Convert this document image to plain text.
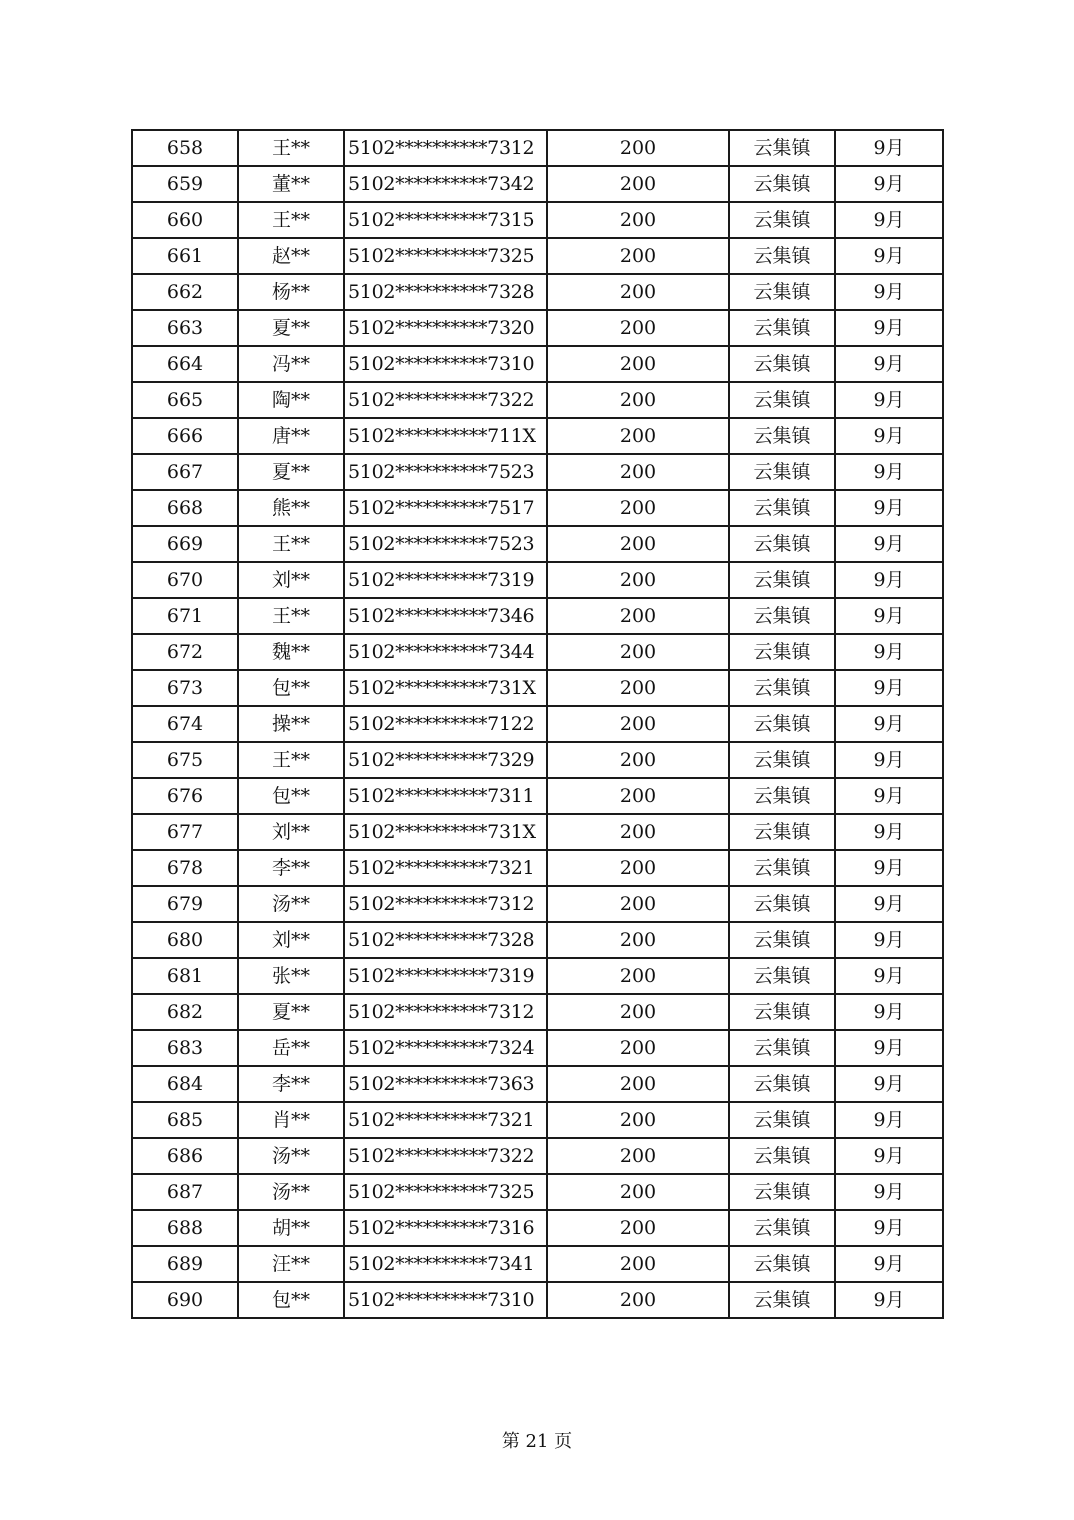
658	王**	5102**********7312	200	云集镇	9月
659	董**	5102**********7342	200	云集镇	9月
660	王**	5102**********7315	200	云集镇	9月
661	赵**	5102**********7325	200	云集镇	9月
662	杨**	5102**********7328	200	云集镇	9月
663	夏**	5102**********7320	200	云集镇	9月
664	冯**	5102**********7310	200	云集镇	9月
665	陶**	5102**********7322	200	云集镇	9月
666	唐**	5102**********711X	200	云集镇	9月
667	夏**	5102**********7523	200	云集镇	9月
668	熊**	5102**********7517	200	云集镇	9月
669	王**	5102**********7523	200	云集镇	9月
670	刘**	5102**********7319	200	云集镇	9月
671	王**	5102**********7346	200	云集镇	9月
672	魏**	5102**********7344	200	云集镇	9月
673	包**	5102**********731X	200	云集镇	9月
674	操**	5102**********7122	200	云集镇	9月
675	王**	5102**********7329	200	云集镇	9月
676	包**	5102**********7311	200	云集镇	9月
677	刘**	5102**********731X	200	云集镇	9月
678	李**	5102**********7321	200	云集镇	9月
679	汤**	5102**********7312	200	云集镇	9月
680	刘**	5102**********7328	200	云集镇	9月
681	张**	5102**********7319	200	云集镇	9月
682	夏**	5102**********7312	200	云集镇	9月
683	岳**	5102**********7324	200	云集镇	9月
684	李**	5102**********7363	200	云集镇	9月
685	肖**	5102**********7321	200	云集镇	9月
686	汤**	5102**********7322	200	云集镇	9月
687	汤**	5102**********7325	200	云集镇	9月
688	胡**	5102**********7316	200	云集镇	9月
689	汪**	5102**********7341	200	云集镇	9月
690	包**	5102**********7310	200	云集镇	9月
第 21 页
